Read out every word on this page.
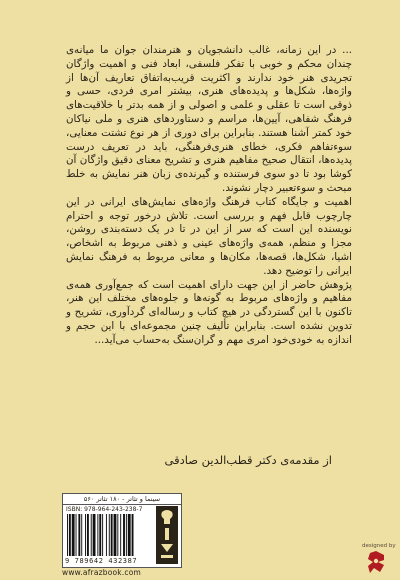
... در این زمانه، غالب دانشجویان و هنرمندان جوان ما میانه‌ی چندان محکم و خوبی با تفکر فلسفی، ابعاد فنی و اهمیت واژگان تجریدی هنر خود ندارند و اکثریت قریب‌به‌اتفاق تعاریف آن‌ها از واژه‌ها، شکل‌ها و پدیده‌های هنری، بیشتر امری فردی، حسی و ذوقی است تا عقلی و علمی و اصولی و از همه بدتر با خلاقیت‌های فرهنگ شفاهی، آیین‌ها، مراسم و دستاوردهای هنری و ملی نیاکان خود کمتر آشنا هستند. بنابراین برای دوری از هر نوع تشتت معنایی، سوءتفاهم فکری، خطای هنری‌فرهنگی، باید در تعریف درست پدیده‌ها، انتقال صحیح مفاهیم هنری و تشریح معنای دقیق واژگان آن کوشا بود تا دو سوی فرستنده و گیرنده‌ی زبان هنر نمایش به خلط مبحث و سوءتعبیر دچار نشوند.

اهمیت و جایگاه کتاب فرهنگ واژه‌های نمایش‌های ایرانی در این چارچوب قابل فهم و بررسی است. تلاش درخور توجه و احترام نویسنده این است که سر از این در تا در یک دسته‌بندی روشن، مجزا و منظم، همه‌ی واژه‌های عینی و ذهنی مربوط به اشخاص، اشیا، شکل‌ها، قصه‌ها، مکان‌ها و معانی مربوط به فرهنگ نمایش ایرانی را توضیح دهد.

پژوهش حاضر از این جهت دارای اهمیت است که جمع‌آوری همه‌ی مفاهیم و واژه‌های مربوط به گونه‌ها و جلوه‌های مختلف این هنر، تاکنون با این گستردگی در هیچ کتاب و رساله‌ای گردآوری، تشریح و تدوین نشده است. بنابراین تألیف چنین مجموعه‌ای با این حجم و اندازه به خودی‌خود امری مهم و گران‌سنگ به‌حساب می‌آید...

از مقدمه‌ی دکتر قطب‌الدین صادقی
سینما و تئاتر - ۱۸۰ تئاتر ۵۶۰
ISBN: 978-964-243-238-7
9 789642 432387
www.afrazbook.com
designed by
